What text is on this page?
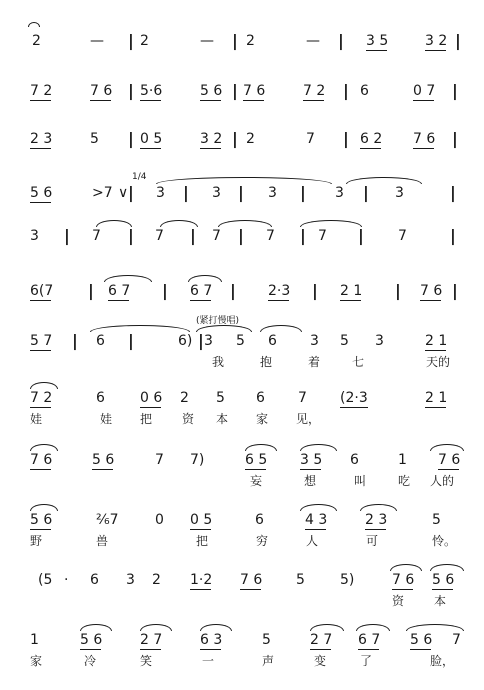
2	— | 2	— | 2	— | 3 5	3 2 |
7 2	7 6 | 5·6	5 6 | 7 6	7 2 | 6	0 7 |
2 3	5 | 0 5	3 2 | 2	7 | 6 2 7 6 |
5 6	>7 ∨ | 3 | 3 | 3 | 3 | 3	|
3 | 7 | 7 | 7 | 7 | 7 | 7	|
6(7 | 6 7 | 6 7 | 2·3 | 2 1 | 7 6 |
5 7 | 6 |	6) | 3 5 6 3 5 3	2 1
我	抱	着	七	天的
7 2	6	0 6 2 5 6 7 (2·3	2 1
娃	娃 把 资 本 家 见，
7 6	5 6	7 7)	6 5 3 5 6	1 7 6
妄	想	叫	吃 人的
5 6	²⁄₆7	0 0 5	6	4 3	2 3	5
野	兽	把	穷	人	可	怜。
(5 · 6 3 2 1·2 7 6 5	5)	7 6 5 6
资 本
1	5 6	2 7	6 3	5	2 7 6 7 5 6 7
家	冷	笑	一	声	变	了	脸，
1/4
(紧打慢唱)
